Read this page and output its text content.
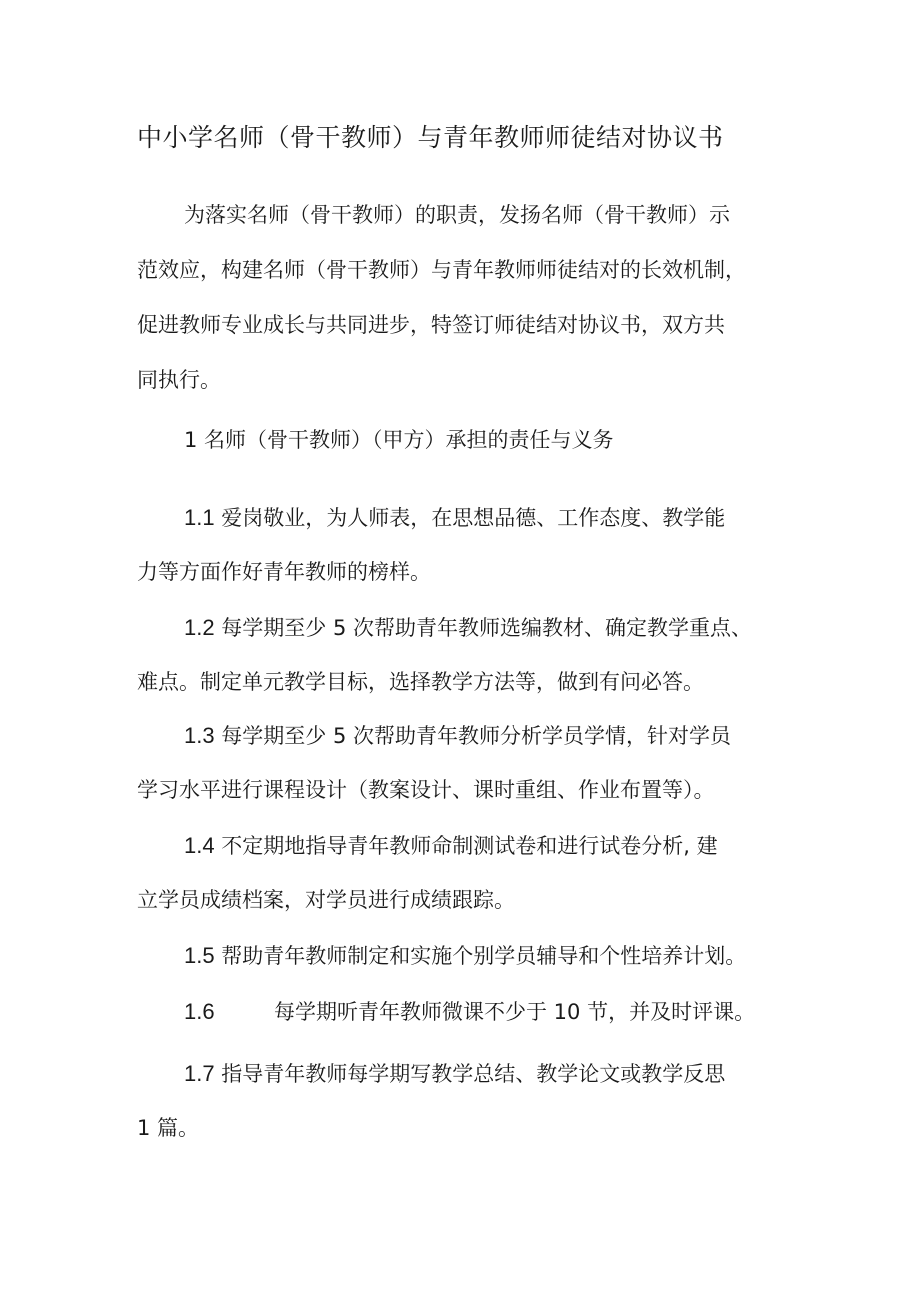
中小学名师（骨干教师）与青年教师师徒结对协议书
为落实名师（骨干教师）的职责，发扬名师（骨干教师）示
范效应，构建名师（骨干教师）与青年教师师徒结对的长效机制，
促进教师专业成长与共同进步，特签订师徒结对协议书，双方共
同执行。
1 名师（骨干教师）（甲方）承担的责任与义务
1.1 爱岗敬业，为人师表，在思想品德、工作态度、教学能
力等方面作好青年教师的榜样。
1.2 每学期至少 5 次帮助青年教师选编教材、确定教学重点、
难点。制定单元教学目标，选择教学方法等，做到有问必答。
1.3 每学期至少 5 次帮助青年教师分析学员学情，针对学员
学习水平进行课程设计（教案设计、课时重组、作业布置等）。
1.4 不定期地指导青年教师命制测试卷和进行试卷分析, 建
立学员成绩档案，对学员进行成绩跟踪。
1.5 帮助青年教师制定和实施个别学员辅导和个性培养计划。
1.6	每学期听青年教师微课不少于 10 节，并及时评课。
1.7 指导青年教师每学期写教学总结、教学论文或教学反思
1 篇。
